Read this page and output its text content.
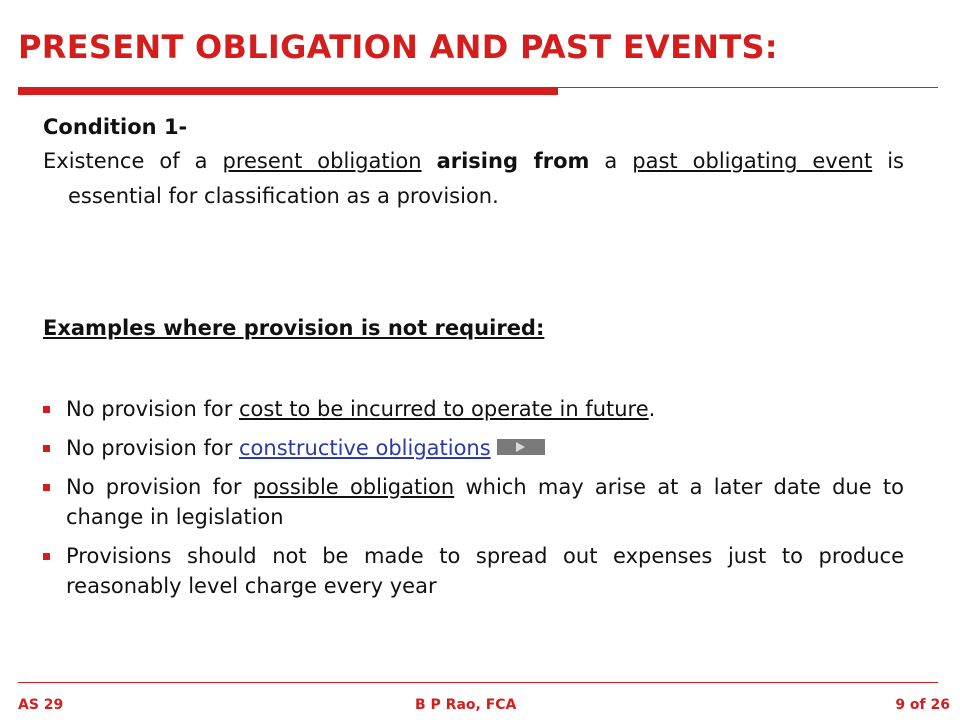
PRESENT OBLIGATION AND PAST EVENTS:

Condition 1-

Existence of a present obligation arising from a past obligating event is essential for classification as a provision.

Examples where provision is not required:

No provision for cost to be incurred to operate in future.
No provision for constructive obligations
No provision for possible obligation which may arise at a later date due to change in legislation
Provisions should not be made to spread out expenses just to produce reasonably level charge every year
AS 29	B P Rao, FCA	9 of 26
